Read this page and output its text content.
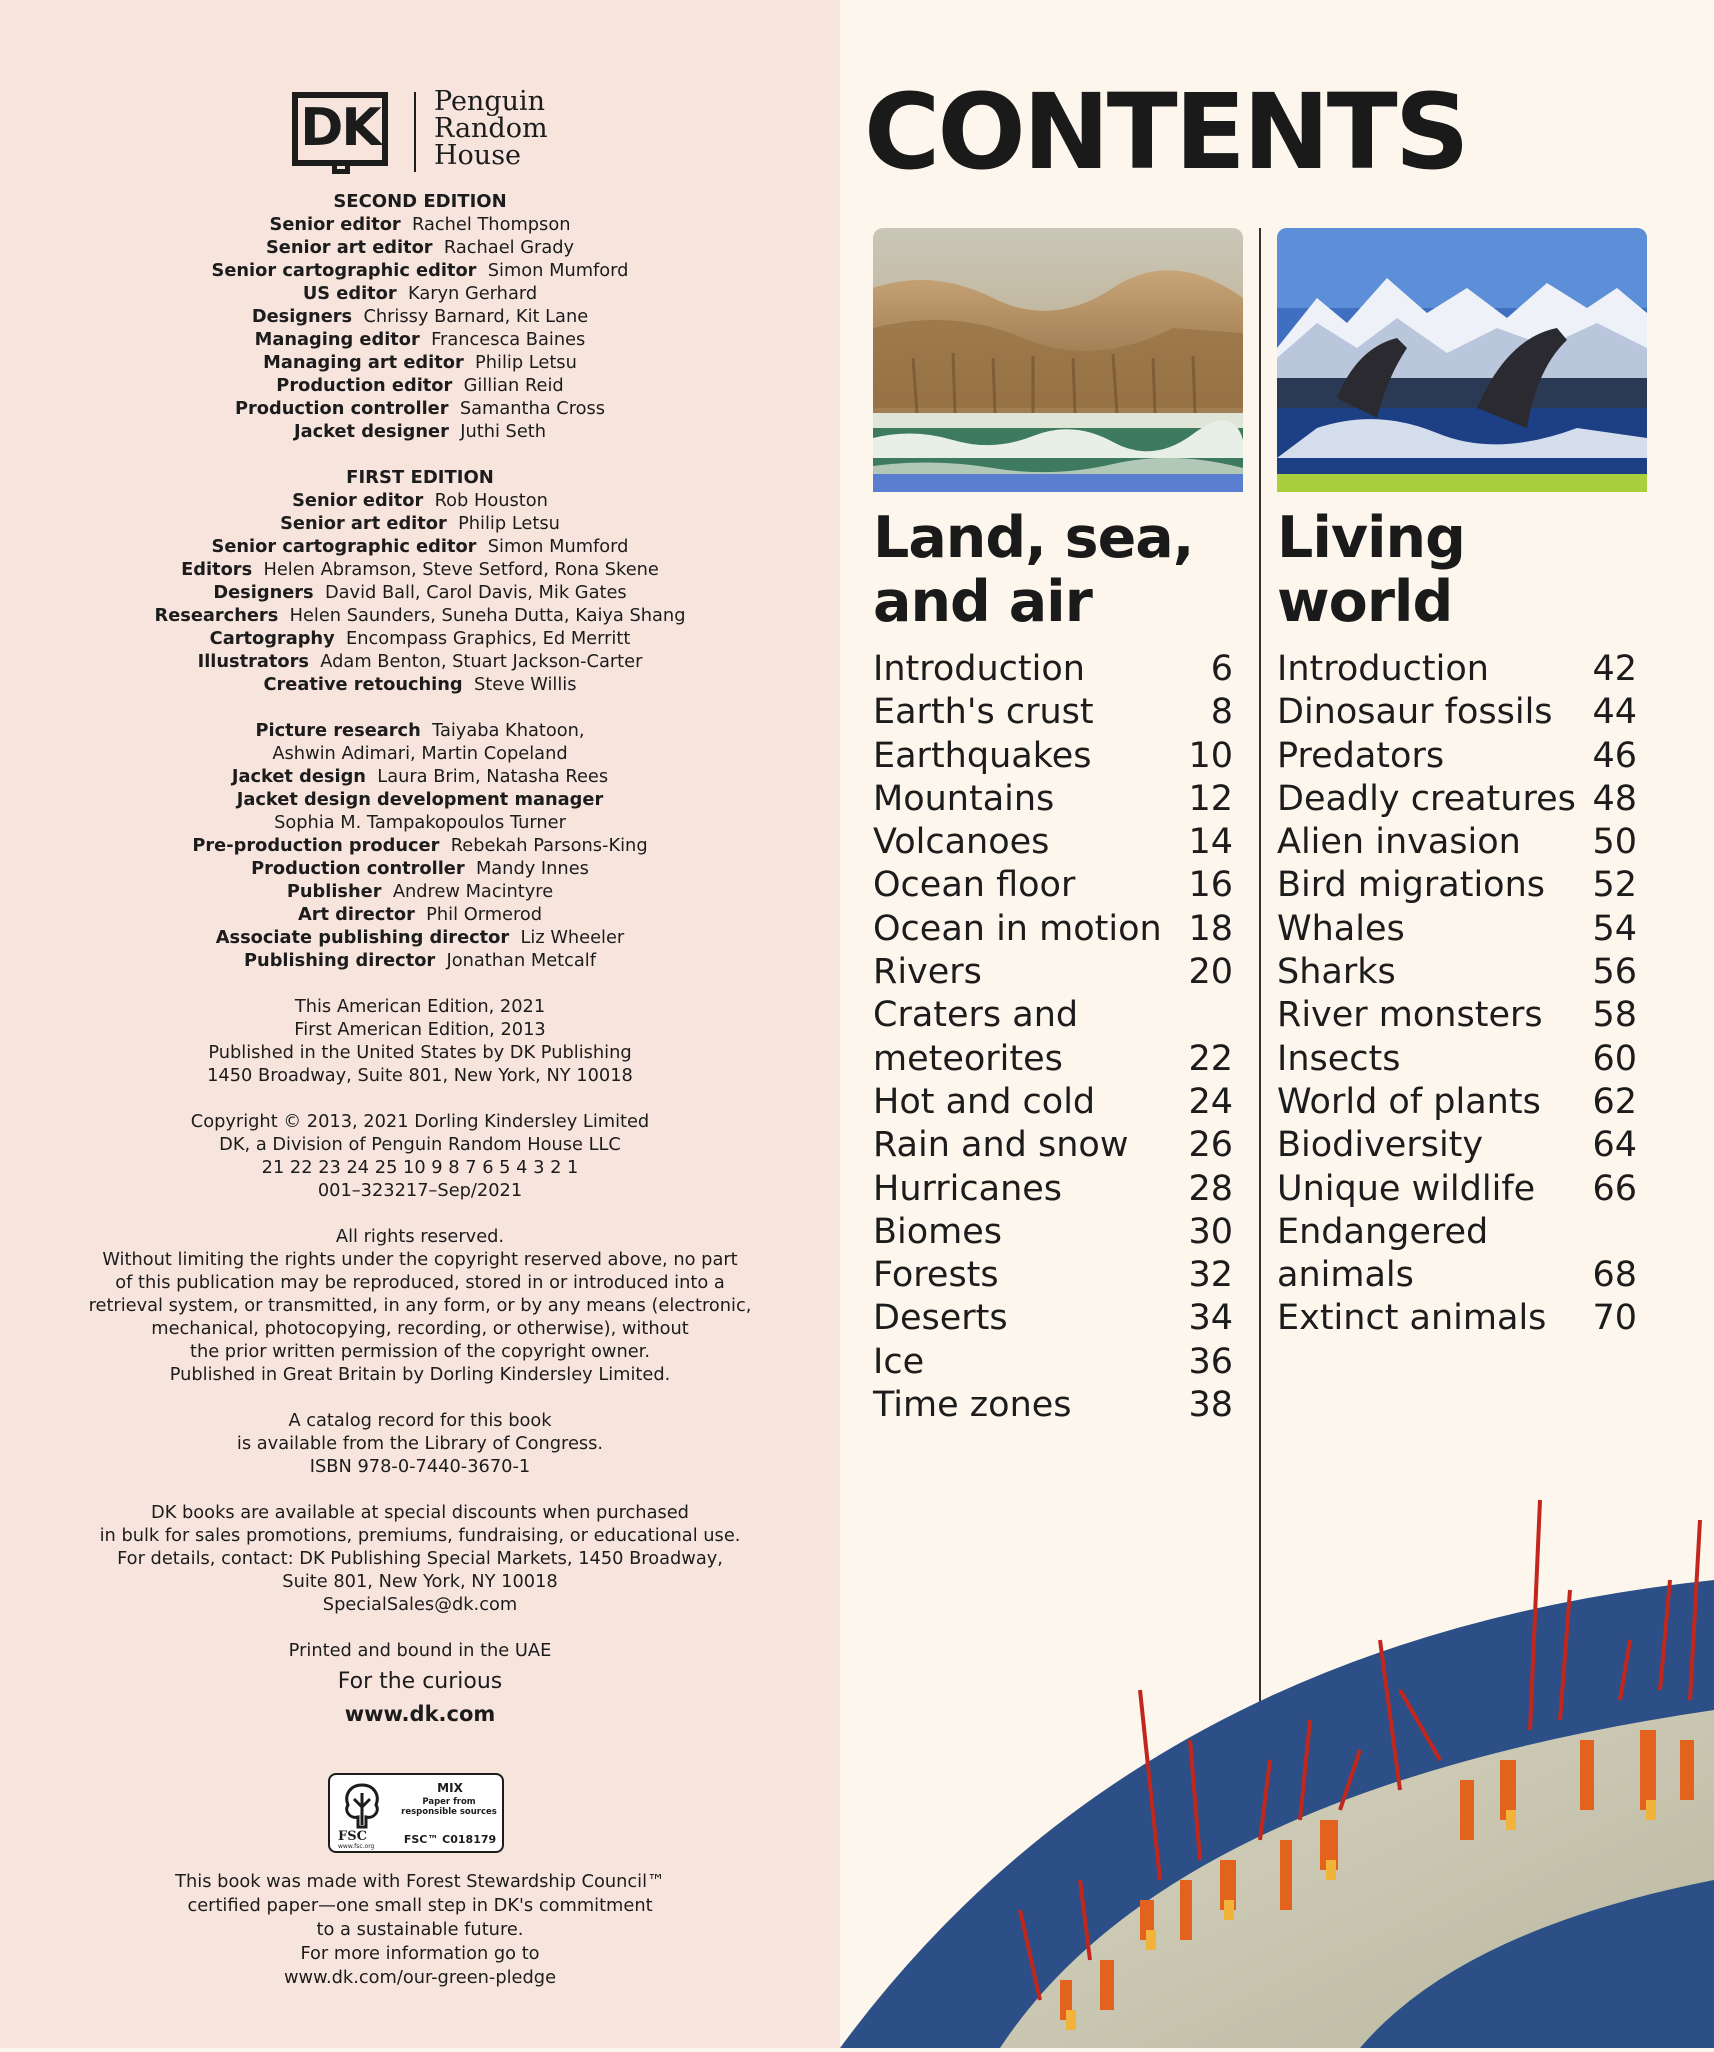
DK	Penguin
Random
House
SECOND EDITION
Senior editor Rachel Thompson
Senior art editor Rachael Grady
Senior cartographic editor Simon Mumford
US editor Karyn Gerhard
Designers Chrissy Barnard, Kit Lane
Managing editor Francesca Baines
Managing art editor Philip Letsu
Production editor Gillian Reid
Production controller Samantha Cross
Jacket designer Juthi Seth
FIRST EDITION
Senior editor Rob Houston
Senior art editor Philip Letsu
Senior cartographic editor Simon Mumford
Editors Helen Abramson, Steve Setford, Rona Skene
Designers David Ball, Carol Davis, Mik Gates
Researchers Helen Saunders, Suneha Dutta, Kaiya Shang
Cartography Encompass Graphics, Ed Merritt
Illustrators Adam Benton, Stuart Jackson-Carter
Creative retouching Steve Willis
Picture research Taiyaba Khatoon,
Ashwin Adimari, Martin Copeland
Jacket design Laura Brim, Natasha Rees
Jacket design development manager
Sophia M. Tampakopoulos Turner
Pre-production producer Rebekah Parsons-King
Production controller Mandy Innes
Publisher Andrew Macintyre
Art director Phil Ormerod
Associate publishing director Liz Wheeler
Publishing director Jonathan Metcalf
This American Edition, 2021
First American Edition, 2013
Published in the United States by DK Publishing
1450 Broadway, Suite 801, New York, NY 10018
Copyright © 2013, 2021 Dorling Kindersley Limited
DK, a Division of Penguin Random House LLC
21 22 23 24 25 10 9 8 7 6 5 4 3 2 1
001–323217–Sep/2021
All rights reserved.
Without limiting the rights under the copyright reserved above, no part
of this publication may be reproduced, stored in or introduced into a
retrieval system, or transmitted, in any form, or by any means (electronic,
mechanical, photocopying, recording, or otherwise), without
the prior written permission of the copyright owner.
Published in Great Britain by Dorling Kindersley Limited.
A catalog record for this book
is available from the Library of Congress.
ISBN 978-0-7440-3670-1
DK books are available at special discounts when purchased
in bulk for sales promotions, premiums, fundraising, or educational use.
For details, contact: DK Publishing Special Markets, 1450 Broadway,
Suite 801, New York, NY 10018
SpecialSales@dk.com
Printed and bound in the UAE
For the curious
www.dk.com
FSC
www.fsc.org
MIX
Paper from
responsible sources
FSC™ C018179
This book was made with Forest Stewardship Council™
certified paper—one small step in DK's commitment
to a sustainable future.
For more information go to
www.dk.com/our-green-pledge
CONTENTS
Land, sea,
and air
Living
world
Introduction	6
Earth's crust	8
Earthquakes	10
Mountains	12
Volcanoes	14
Ocean floor	16
Ocean in motion 18
Rivers	20
Craters and
meteorites	22
Hot and cold	24
Rain and snow 26
Hurricanes	28
Biomes	30
Forests	32
Deserts	34
Ice	36
Time zones	38
Introduction	42
Dinosaur fossils 44
Predators	46
Deadly creatures 48
Alien invasion 50
Bird migrations 52
Whales	54
Sharks	56
River monsters 58
Insects	60
World of plants 62
Biodiversity	64
Unique wildlife 66
Endangered
animals	68
Extinct animals 70
